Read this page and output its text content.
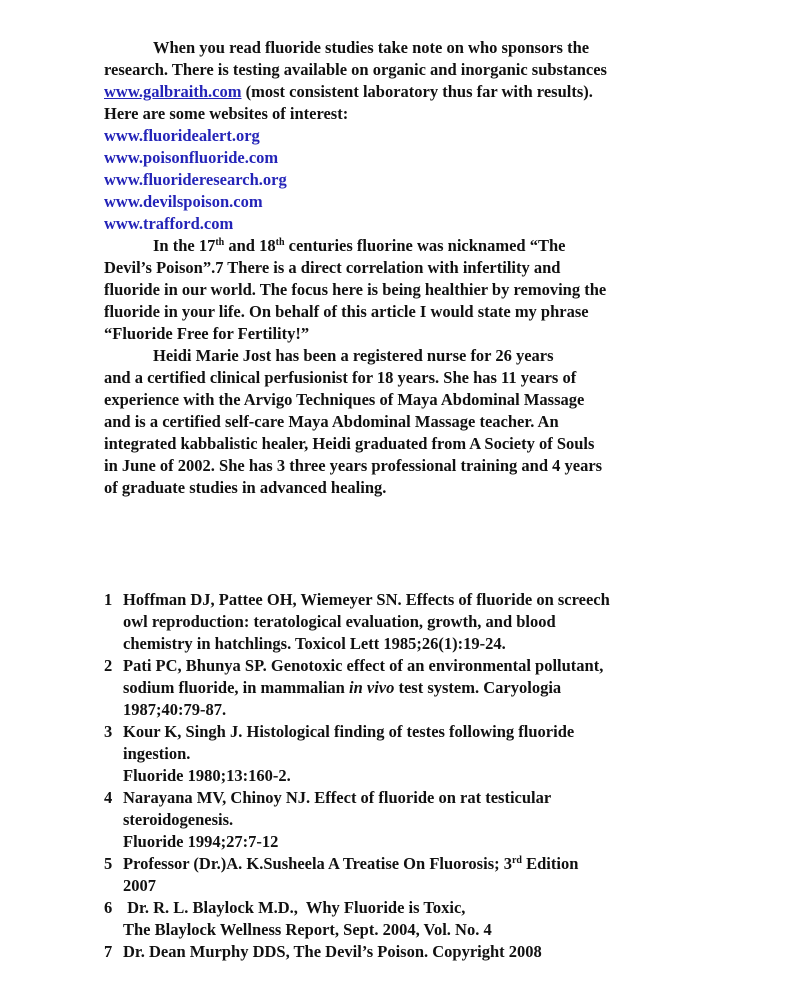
When you read fluoride studies take note on who sponsors the
research. There is testing available on organic and inorganic substances
www.galbraith.com (most consistent laboratory thus far with results).
Here are some websites of interest:
www.fluoridealert.org
www.poisonfluoride.com
www.fluorideresearch.org
www.devilspoison.com
www.trafford.com
In the 17th and 18th centuries fluorine was nicknamed “The
Devil’s Poison”.7 There is a direct correlation with infertility and
fluoride in our world. The focus here is being healthier by removing the
fluoride in your life. On behalf of this article I would state my phrase
“Fluoride Free for Fertility!”
Heidi Marie Jost has been a registered nurse for 26 years
and a certified clinical perfusionist for 18 years. She has 11 years of
experience with the Arvigo Techniques of Maya Abdominal Massage
and is a certified self-care Maya Abdominal Massage teacher. An
integrated kabbalistic healer, Heidi graduated from A Society of Souls
in June of 2002. She has 3 three years professional training and 4 years
of graduate studies in advanced healing.
1 Hoffman DJ, Pattee OH, Wiemeyer SN. Effects of fluoride on screech
owl reproduction: teratological evaluation, growth, and blood
chemistry in hatchlings. Toxicol Lett 1985;26(1):19-24.
2 Pati PC, Bhunya SP. Genotoxic effect of an environmental pollutant,
sodium fluoride, in mammalian in vivo test system. Caryologia
1987;40:79-87.
3 Kour K, Singh J. Histological finding of testes following fluoride
ingestion.
Fluoride 1980;13:160-2.
4 Narayana MV, Chinoy NJ. Effect of fluoride on rat testicular
steroidogenesis.
Fluoride 1994;27:7-12
5 Professor (Dr.)A. K.Susheela A Treatise On Fluorosis; 3rd Edition
2007
6 Dr. R. L. Blaylock M.D.,  Why Fluoride is Toxic,
The Blaylock Wellness Report, Sept. 2004, Vol. No. 4
7 Dr. Dean Murphy DDS, The Devil’s Poison. Copyright 2008
